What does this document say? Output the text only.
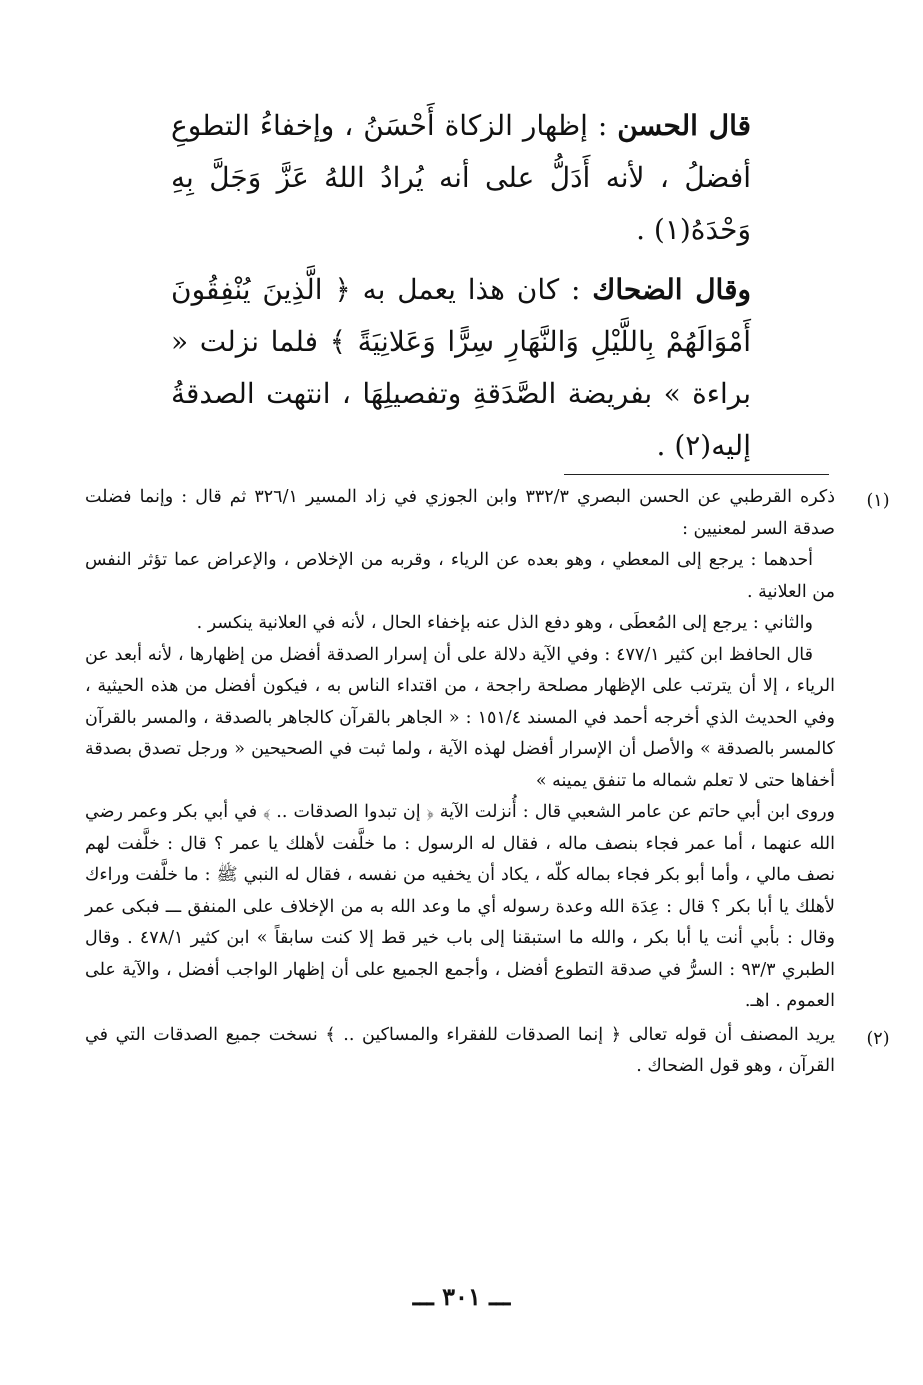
قال الحسن : إظهار الزكاة أَحْسَنُ ، وإخفاءُ التطوعِ أفضلُ ، لأنه أَدَلُّ على أنه يُرادُ اللهُ عَزَّ وَجَلَّ بِهِ وَحْدَهُ(١) .

وقال الضحاك : كان هذا يعمل به ﴿ الَّذِينَ يُنْفِقُونَ أَمْوَالَهُمْ بِاللَّيْلِ وَالنَّهَارِ سِرًّا وَعَلانِيَةً ﴾ فلما نزلت « براءة » بفريضة الصَّدَقةِ وتفصيلِهَا ، انتهت الصدقةُ إليه(٢) .

(١)
ذكره القرطبي عن الحسن البصري ٣٣٢/٣ وابن الجوزي في زاد المسير ٣٢٦/١ ثم قال : وإنما فضلت صدقة السر لمعنيين :
أحدهما : يرجع إلى المعطي ، وهو بعده عن الرياء ، وقربه من الإخلاص ، والإعراض عما تؤثر النفس من العلانية .
والثاني : يرجع إلى المُعطَى ، وهو دفع الذل عنه بإخفاء الحال ، لأنه في العلانية ينكسر .
قال الحافظ ابن كثير ٤٧٧/١ : وفي الآية دلالة على أن إسرار الصدقة أفضل من إظهارها ، لأنه أبعد عن الرياء ، إلا أن يترتب على الإظهار مصلحة راجحة ، من اقتداء الناس به ، فيكون أفضل من هذه الحيثية ، وفي الحديث الذي أخرجه أحمد في المسند ١٥١/٤ : « الجاهر بالقرآن كالجاهر بالصدقة ، والمسر بالقرآن كالمسر بالصدقة » والأصل أن الإسرار أفضل لهذه الآية ، ولما ثبت في الصحيحين « ورجل تصدق بصدقة أخفاها حتى لا تعلم شماله ما تنفق يمينه »
وروى ابن أبي حاتم عن عامر الشعبي قال : أُنزلت الآية ﴿ إن تبدوا الصدقات .. ﴾ في أبي بكر وعمر رضي الله عنهما ، أما عمر فجاء بنصف ماله ، فقال له الرسول : ما خلَّفت لأهلك يا عمر ؟ قال : خلَّفت لهم نصف مالي ، وأما أبو بكر فجاء بماله كلّه ، يكاد أن يخفيه من نفسه ، فقال له النبي ﷺ : ما خلَّفت وراءك لأهلك يا أبا بكر ؟ قال : عِدَة الله وعدة رسوله أي ما وعد الله به من الإخلاف على المنفق ـــ فبكى عمر وقال : بأبي أنت يا أبا بكر ، والله ما استبقنا إلى باب خير قط إلا كنت سابقاً » ابن كثير ٤٧٨/١ . وقال الطبري ٩٣/٣ : السرُّ في صدقة التطوع أفضل ، وأجمع الجميع على أن إظهار الواجب أفضل ، والآية على العموم . اهـ.
(٢)
يريد المصنف أن قوله تعالى ﴿ إنما الصدقات للفقراء والمساكين .. ﴾ نسخت جميع الصدقات التي في القرآن ، وهو قول الضحاك .
ـــ ٣٠١ ـــ
